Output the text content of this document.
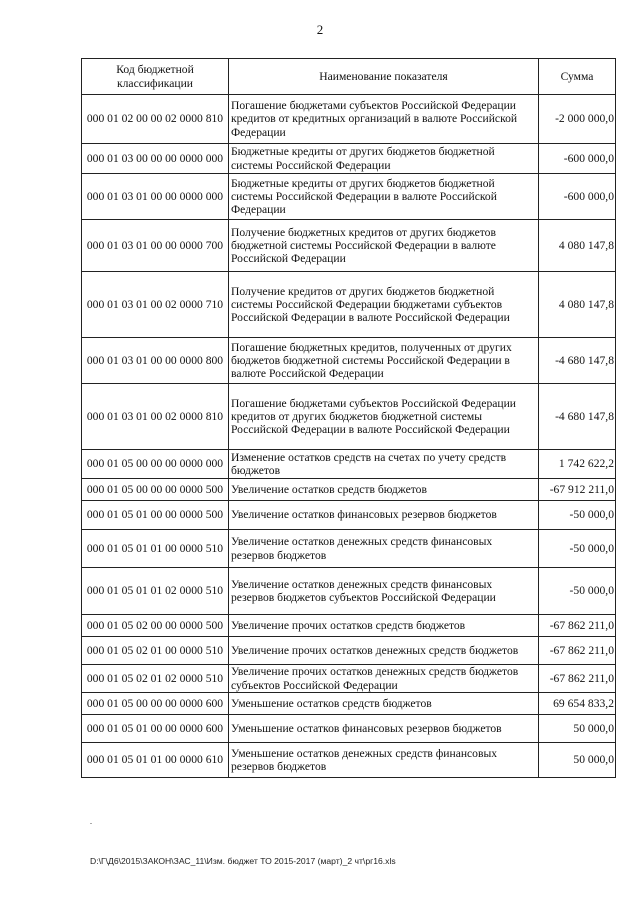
2
Код бюджетной классификации	Наименование показателя	Сумма
000 01 02 00 00 02 0000 810	Погашение бюджетами субъектов Российской Федерации кредитов от кредитных организаций в валюте Российской Федерации	-2 000 000,0
000 01 03 00 00 00 0000 000	Бюджетные кредиты от других бюджетов бюджетной системы Российской Федерации	-600 000,0
000 01 03 01 00 00 0000 000	Бюджетные кредиты от других бюджетов бюджетной системы Российской Федерации в валюте Российской Федерации	-600 000,0
000 01 03 01 00 00 0000 700	Получение бюджетных кредитов от других бюджетов бюджетной системы Российской Федерации в валюте Российской Федерации	4 080 147,8
000 01 03 01 00 02 0000 710	Получение кредитов от других бюджетов бюджетной системы Российской Федерации бюджетами субъектов Российской Федерации в валюте Российской Федерации	4 080 147,8
000 01 03 01 00 00 0000 800	Погашение бюджетных кредитов, полученных от других бюджетов бюджетной системы Российской Федерации в валюте Российской Федерации	-4 680 147,8
000 01 03 01 00 02 0000 810	Погашение бюджетами субъектов Российской Федерации кредитов от других бюджетов бюджетной системы Российской Федерации в валюте Российской Федерации	-4 680 147,8
000 01 05 00 00 00 0000 000	Изменение остатков средств на счетах по учету средств бюджетов	1 742 622,2
000 01 05 00 00 00 0000 500	Увеличение остатков средств бюджетов	-67 912 211,0
000 01 05 01 00 00 0000 500	Увеличение остатков финансовых резервов бюджетов	-50 000,0
000 01 05 01 01 00 0000 510	Увеличение остатков денежных средств финансовых резервов бюджетов	-50 000,0
000 01 05 01 01 02 0000 510	Увеличение остатков денежных средств финансовых резервов бюджетов субъектов Российской Федерации	-50 000,0
000 01 05 02 00 00 0000 500	Увеличение прочих остатков средств бюджетов	-67 862 211,0
000 01 05 02 01 00 0000 510	Увеличение прочих остатков денежных средств бюджетов	-67 862 211,0
000 01 05 02 01 02 0000 510	Увеличение прочих остатков денежных средств бюджетов субъектов Российской Федерации	-67 862 211,0
000 01 05 00 00 00 0000 600	Уменьшение остатков средств бюджетов	69 654 833,2
000 01 05 01 00 00 0000 600	Уменьшение остатков финансовых резервов бюджетов	50 000,0
000 01 05 01 01 00 0000 610	Уменьшение остатков денежных средств финансовых резервов бюджетов	50 000,0
D:\Г\Д6\2015\ЗАКОН\ЗАС_11\Изм. бюджет ТО 2015-2017 (март)_2 чт\рг16.xls
